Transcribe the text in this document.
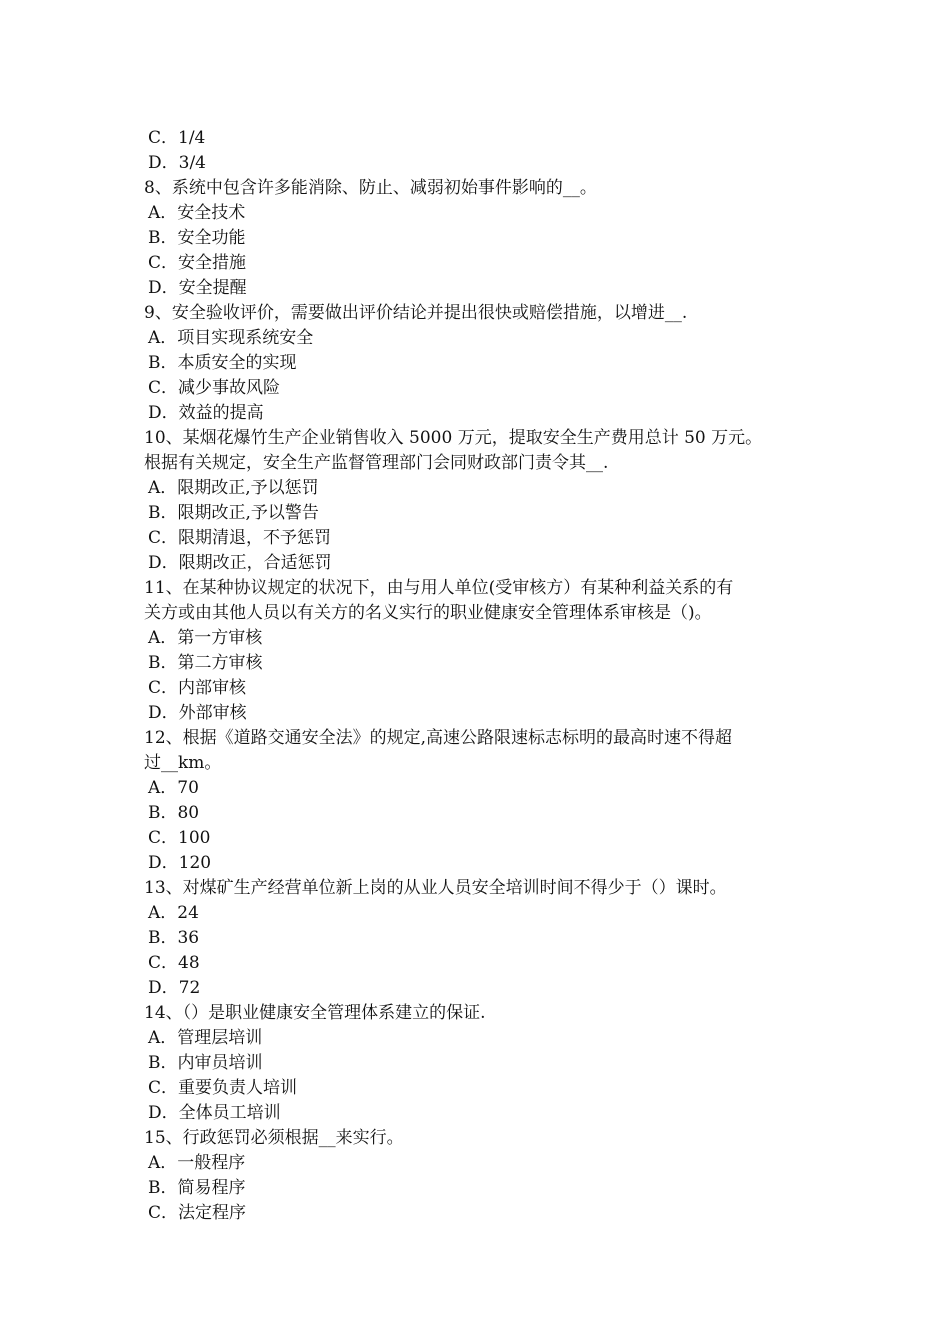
C．1/4
D．3/4
8、系统中包含许多能消除、防止、减弱初始事件影响的__。
A．安全技术
B．安全功能
C．安全措施
D．安全提醒
9、安全验收评价，需要做出评价结论并提出很快或赔偿措施，以增进__.
A．项目实现系统安全
B．本质安全的实现
C．减少事故风险
D．效益的提高
10、某烟花爆竹生产企业销售收入 5000 万元，提取安全生产费用总计 50 万元。
根据有关规定，安全生产监督管理部门会同财政部门责令其__.
A．限期改正,予以惩罚
B．限期改正,予以警告
C．限期清退，不予惩罚
D．限期改正，合适惩罚
11、在某种协议规定的状况下，由与用人单位(受审核方）有某种利益关系的有
关方或由其他人员以有关方的名义实行的职业健康安全管理体系审核是（)。
A．第一方审核
B．第二方审核
C．内部审核
D．外部审核
12、根据《道路交通安全法》的规定,高速公路限速标志标明的最高时速不得超
过__km。
A．70
B．80
C．100
D．120
13、对煤矿生产经营单位新上岗的从业人员安全培训时间不得少于（）课时。
A．24
B．36
C．48
D．72
14、（）是职业健康安全管理体系建立的保证.
A．管理层培训
B．内审员培训
C．重要负责人培训
D．全体员工培训
15、行政惩罚必须根据__来实行。
A．一般程序
B．简易程序
C．法定程序
